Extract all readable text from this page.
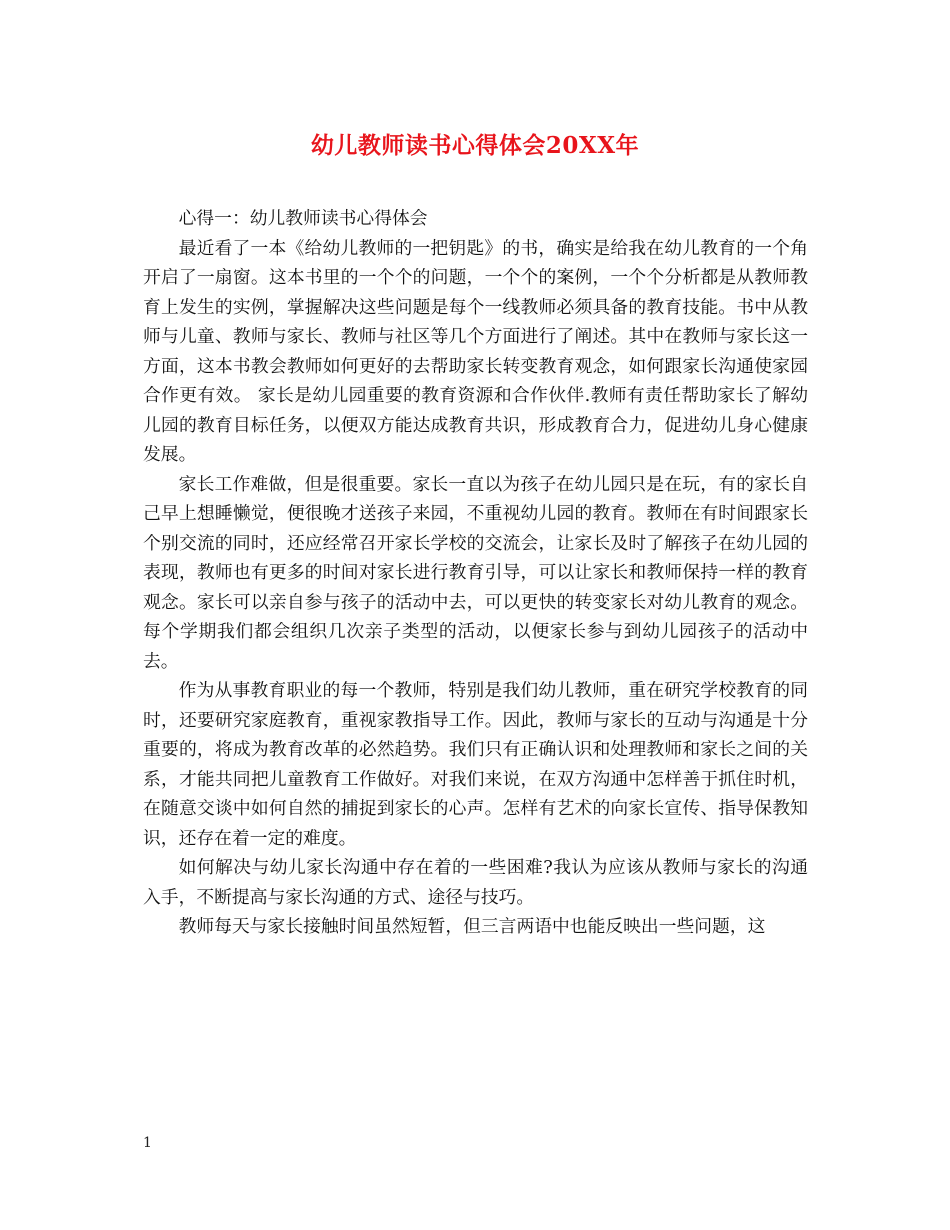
幼儿教师读书心得体会20XX年

心得一：幼儿教师读书心得体会

最近看了一本《给幼儿教师的一把钥匙》的书，确实是给我在幼儿教育的一个角开启了一扇窗。这本书里的一个个的问题，一个个的案例，一个个分析都是从教师教育上发生的实例，掌握解决这些问题是每个一线教师必须具备的教育技能。书中从教师与儿童、教师与家长、教师与社区等几个方面进行了阐述。其中在教师与家长这一方面，这本书教会教师如何更好的去帮助家长转变教育观念，如何跟家长沟通使家园合作更有效。 家长是幼儿园重要的教育资源和合作伙伴.教师有责任帮助家长了解幼儿园的教育目标任务，以便双方能达成教育共识，形成教育合力，促进幼儿身心健康发展。

家长工作难做，但是很重要。家长一直以为孩子在幼儿园只是在玩，有的家长自己早上想睡懒觉，便很晚才送孩子来园，不重视幼儿园的教育。教师在有时间跟家长个别交流的同时，还应经常召开家长学校的交流会，让家长及时了解孩子在幼儿园的表现，教师也有更多的时间对家长进行教育引导，可以让家长和教师保持一样的教育观念。家长可以亲自参与孩子的活动中去，可以更快的转变家长对幼儿教育的观念。每个学期我们都会组织几次亲子类型的活动，以便家长参与到幼儿园孩子的活动中去。

作为从事教育职业的每一个教师，特别是我们幼儿教师，重在研究学校教育的同时，还要研究家庭教育，重视家教指导工作。因此，教师与家长的互动与沟通是十分重要的，将成为教育改革的必然趋势。我们只有正确认识和处理教师和家长之间的关系，才能共同把儿童教育工作做好。对我们来说，在双方沟通中怎样善于抓住时机，在随意交谈中如何自然的捕捉到家长的心声。怎样有艺术的向家长宣传、指导保教知识，还存在着一定的难度。

如何解决与幼儿家长沟通中存在着的一些困难?我认为应该从教师与家长的沟通入手，不断提高与家长沟通的方式、途径与技巧。

教师每天与家长接触时间虽然短暂，但三言两语中也能反映出一些问题，这

1
